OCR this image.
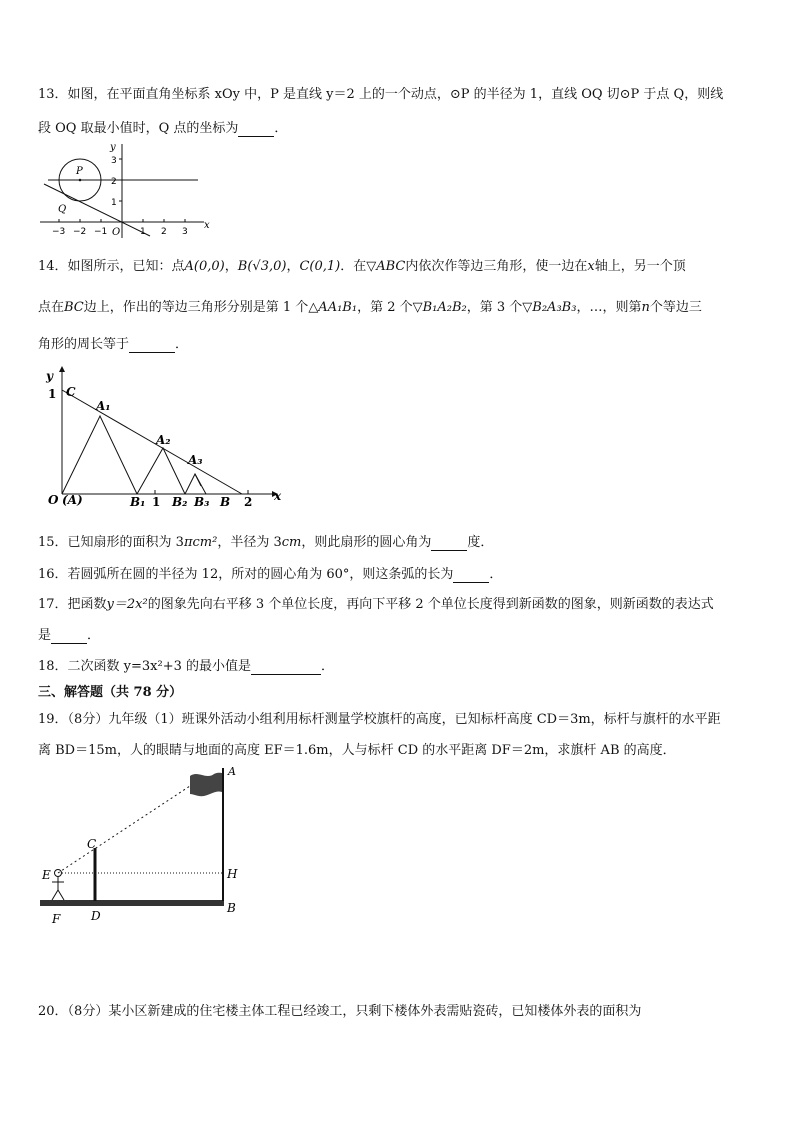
13．如图，在平面直角坐标系 xOy 中，P 是直线 y＝2 上的一个动点，⊙P 的半径为 1，直线 OQ 切⊙P 于点 Q，则线
段 OQ 取最小值时，Q 点的坐标为	．
y
x
O
P
Q
3
2
1
−3 −2 −1	1 2 3
14．如图所示，已知：点A(0,0)，B(√3,0)，C(0,1)．在▽ABC内依次作等边三角形，使一边在x轴上，另一个顶
点在BC边上，作出的等边三角形分别是第 1 个△AA₁B₁，第 2 个▽B₁A₂B₂，第 3 个▽B₂A₃B₃，…，则第n个等边三
角形的周长等于	．
y
x
1 C
A₁
A₂
A₃
O (A)	B₁ 1 B₂ B₃ B 2
15．已知扇形的面积为 3πcm²，半径为 3cm，则此扇形的圆心角为	度．
16．若圆弧所在圆的半径为 12，所对的圆心角为 60°，则这条弧的长为	．
17．把函数y＝2x²的图象先向右平移 3 个单位长度，再向下平移 2 个单位长度得到新函数的图象，则新函数的表达式
是	．
18．二次函数 y=3x²+3 的最小值是	．
三、解答题（共 78 分）
19．（8分）九年级（1）班课外活动小组利用标杆测量学校旗杆的高度，已知标杆高度 CD＝3m，标杆与旗杆的水平距
离 BD＝15m，人的眼睛与地面的高度 EF＝1.6m，人与标杆 CD 的水平距离 DF＝2m，求旗杆 AB 的高度．
A
C
E	H
B
F	D
20．（8分）某小区新建成的住宅楼主体工程已经竣工，只剩下楼体外表需贴瓷砖，已知楼体外表的面积为
